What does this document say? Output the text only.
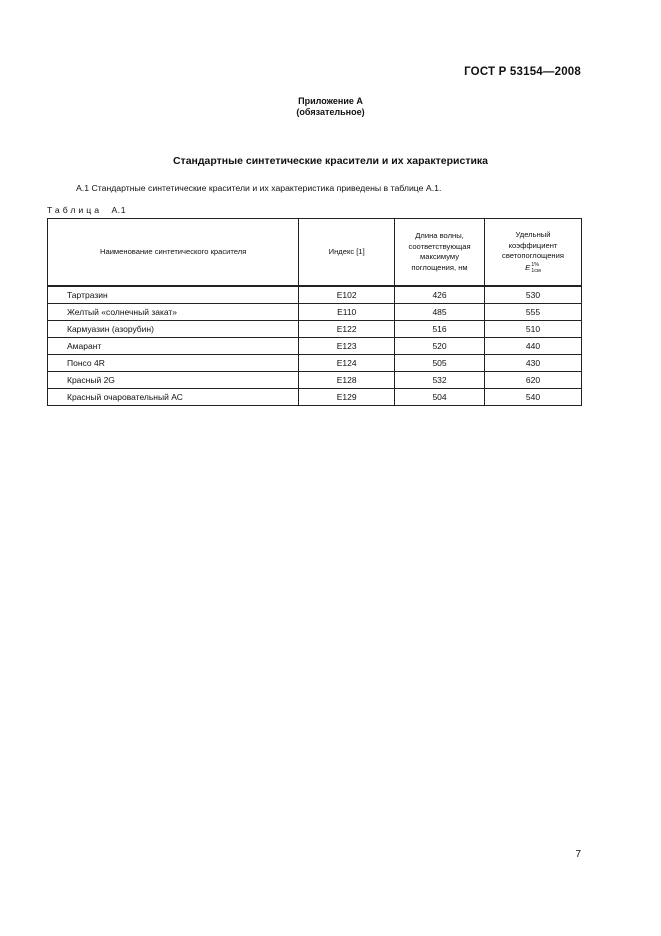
ГОСТ Р 53154—2008
Приложение А
(обязательное)
Стандартные синтетические красители и их характеристика
А.1 Стандартные синтетические красители и их характеристика приведены в таблице А.1.
Таблица А.1
Наименование синтетического красителя	Индекс [1]	Длина волны, соответствующая максимуму поглощения, нм	Удельный коэффициент светопоглощения
E1%
1см

Тартразин	E102	426	530
Желтый «солнечный закат»	E110	485	555
Кармуазин (азорубин)	E122	516	510
Амарант	E123	520	440
Понсо 4R	E124	505	430
Красный 2G	E128	532	620
Красный очаровательный АС	E129	504	540
7
